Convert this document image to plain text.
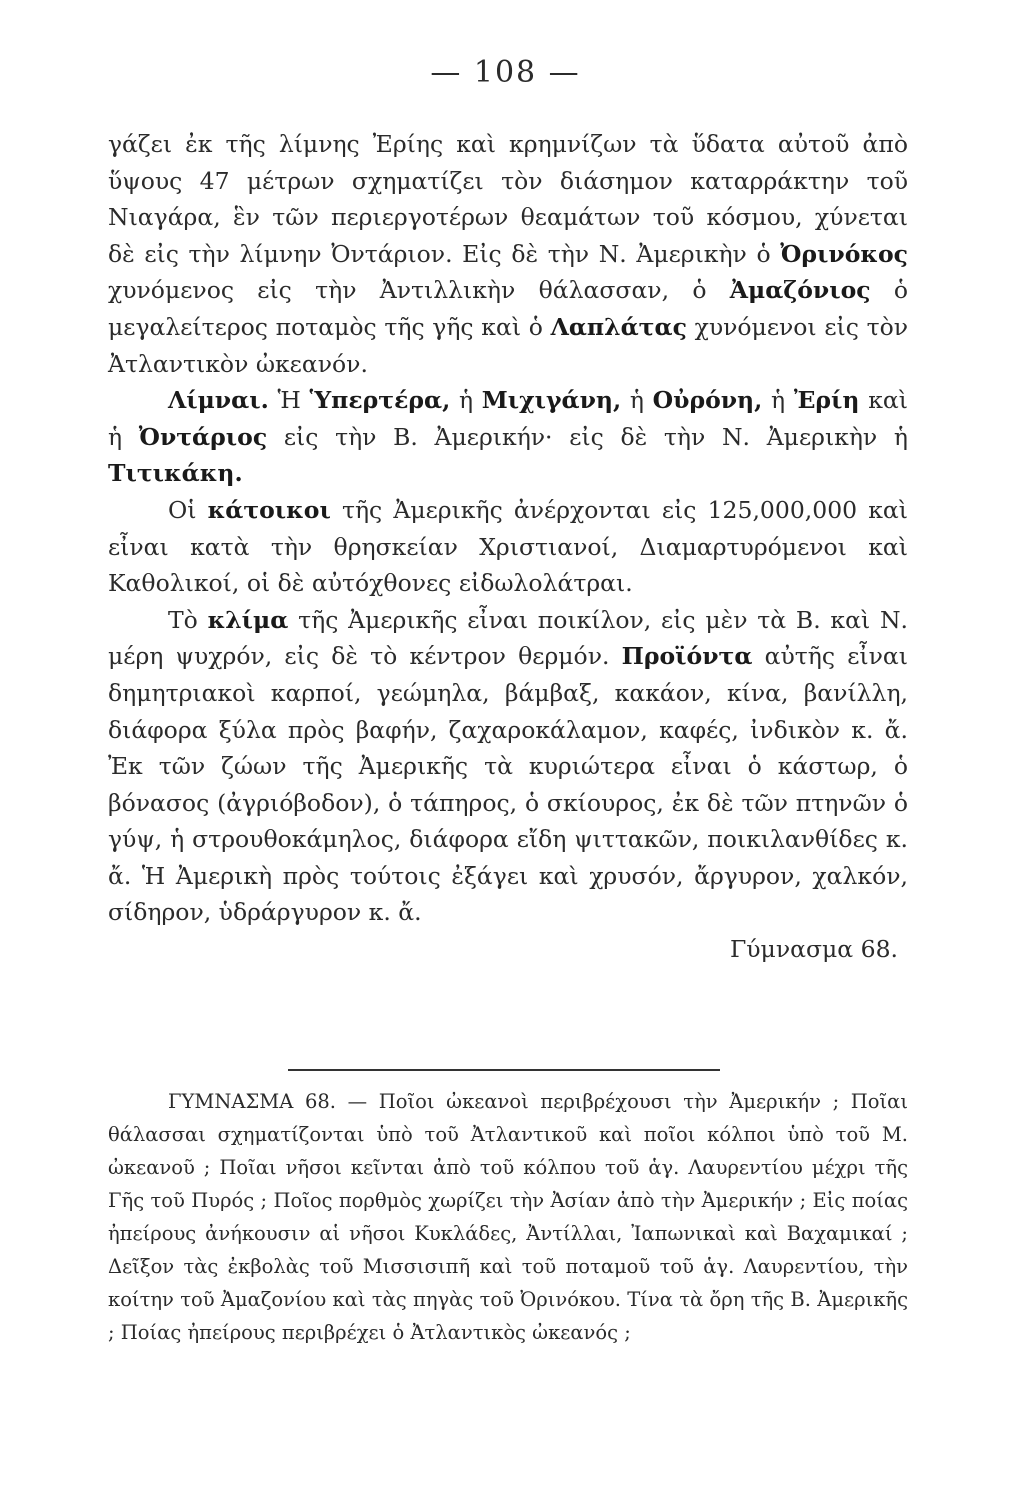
— 108 —

γάζει ἐκ τῆς λίμνης Ἐρίης καὶ κρημνίζων τὰ ὕδατα αὐτοῦ ἀπὸ ὕψους 47 μέτρων σχηματίζει τὸν διάσημον καταρράκτην τοῦ Νιαγάρα, ἓν τῶν περιεργοτέρων θεαμάτων τοῦ κόσμου, χύνεται δὲ εἰς τὴν λίμνην Ὀντάριον. Εἰς δὲ τὴν Ν. Ἀμερικὴν ὁ Ὀρινόκος χυνόμενος εἰς τὴν Ἀντιλλικὴν θάλασσαν, ὁ Ἀμαζόνιος ὁ μεγαλείτερος ποταμὸς τῆς γῆς καὶ ὁ Λαπλάτας χυνόμενοι εἰς τὸν Ἀτλαντικὸν ὠκεανόν.

Λίμναι. Ἡ Ὑπερτέρα, ἡ Μιχιγάνη, ἡ Οὐρόνη, ἡ Ἐρίη καὶ ἡ Ὀντάριος εἰς τὴν Β. Ἀμερικήν· εἰς δὲ τὴν Ν. Ἀμερικὴν ἡ Τιτικάκη.

Οἱ κάτοικοι τῆς Ἀμερικῆς ἀνέρχονται εἰς 125,000,000 καὶ εἶναι κατὰ τὴν θρησκείαν Χριστιανοί, Διαμαρτυρόμενοι καὶ Καθολικοί, οἱ δὲ αὐτόχθονες εἰδωλολάτραι.

Τὸ κλίμα τῆς Ἀμερικῆς εἶναι ποικίλον, εἰς μὲν τὰ Β. καὶ Ν. μέρη ψυχρόν, εἰς δὲ τὸ κέντρον θερμόν. Προϊόντα αὐτῆς εἶναι δημητριακοὶ καρποί, γεώμηλα, βάμβαξ, κακάον, κίνα, βανίλλη, διάφορα ξύλα πρὸς βαφήν, ζαχαροκάλαμον, καφές, ἰνδικὸν κ. ἄ. Ἐκ τῶν ζώων τῆς Ἀμερικῆς τὰ κυριώτερα εἶναι ὁ κάστωρ, ὁ βόνασος (ἀγριόβοδον), ὁ τάπηρος, ὁ σκίουρος, ἐκ δὲ τῶν πτηνῶν ὁ γύψ, ἡ στρουθοκάμηλος, διάφορα εἴδη ψιττακῶν, ποικιλανθίδες κ. ἄ. Ἡ Ἀμερικὴ πρὸς τούτοις ἐξάγει καὶ χρυσόν, ἄργυρον, χαλκόν, σίδηρον, ὑδράργυρον κ. ἄ.
Γύμνασμα 68.

ΓΥΜΝΑΣΜΑ 68. — Ποῖοι ὠκεανοὶ περιβρέχουσι τὴν Ἀμερικήν ; Ποῖαι θάλασσαι σχηματίζονται ὑπὸ τοῦ Ἀτλαντικοῦ καὶ ποῖοι κόλποι ὑπὸ τοῦ Μ. ὠκεανοῦ ; Ποῖαι νῆσοι κεῖνται ἀπὸ τοῦ κόλπου τοῦ ἁγ. Λαυρεντίου μέχρι τῆς Γῆς τοῦ Πυρός ; Ποῖος πορθμὸς χωρίζει τὴν Ἀσίαν ἀπὸ τὴν Ἀμερικήν ; Εἰς ποίας ἠπείρους ἀνήκουσιν αἱ νῆσοι Κυκλάδες, Ἀντίλλαι, Ἰαπωνικαὶ καὶ Βαχαμικαί ; Δεῖξον τὰς ἐκβολὰς τοῦ Μισσισιπῆ καὶ τοῦ ποταμοῦ τοῦ ἁγ. Λαυρεντίου, τὴν κοίτην τοῦ Ἀμαζονίου καὶ τὰς πηγὰς τοῦ Ὀρινόκου. Τίνα τὰ ὄρη τῆς Β. Ἀμερικῆς ; Ποίας ἠπείρους περιβρέχει ὁ Ἀτλαντικὸς ὠκεανός ;
